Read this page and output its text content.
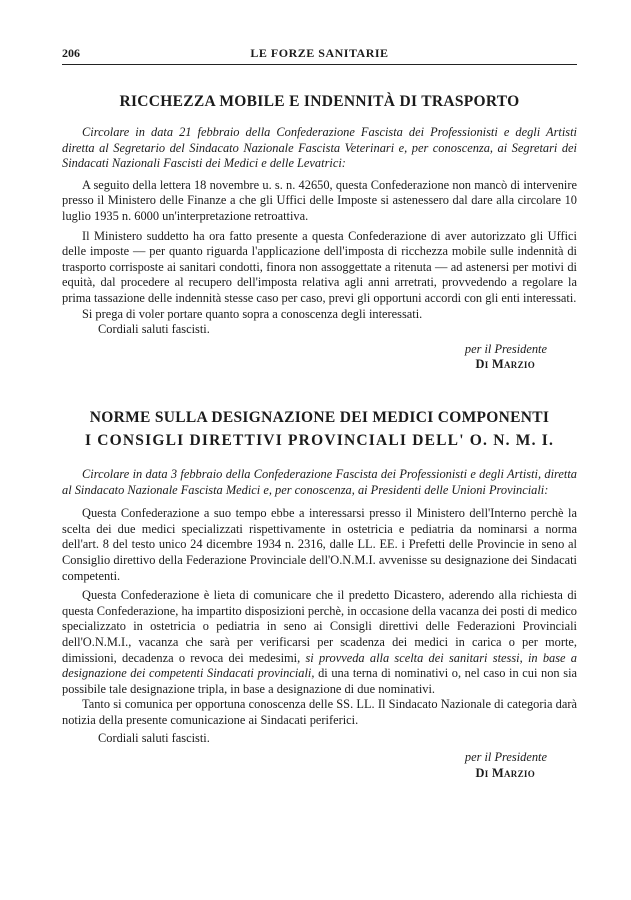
206	LE FORZE SANITARIE
RICCHEZZA MOBILE E INDENNITÀ DI TRASPORTO

Circolare in data 21 febbraio della Confederazione Fascista dei Professionisti e degli Artisti diretta al Segretario del Sindacato Nazionale Fascista Veterinari e, per conoscenza, ai Segretari dei Sindacati Nazionali Fascisti dei Medici e delle Levatrici:

A seguito della lettera 18 novembre u. s. n. 42650, questa Confederazione non mancò di intervenire presso il Ministero delle Finanze a che gli Uffici delle Imposte si astenessero dal dare alla circolare 10 luglio 1935 n. 6000 un'interpretazione retroattiva.

Il Ministero suddetto ha ora fatto presente a questa Confederazione di aver autorizzato gli Uffici delle imposte — per quanto riguarda l'applicazione dell'imposta di ricchezza mobile sulle indennità di trasporto corrisposte ai sanitari condotti, finora non assoggettate a ritenuta — ad astenersi per motivi di equità, dal procedere al recupero dell'imposta relativa agli anni arretrati, provvedendo a regolare la prima tassazione delle indennità stesse caso per caso, previ gli opportuni accordi con gli enti interessati.

Si prega di voler portare quanto sopra a conoscenza degli interessati.

Cordiali saluti fascisti.

per il Presidente
Di Marzio
NORME SULLA DESIGNAZIONE DEI MEDICI COMPONENTI
I CONSIGLI DIRETTIVI PROVINCIALI DELL' O. N. M. I.

Circolare in data 3 febbraio della Confederazione Fascista dei Professionisti e degli Artisti, diretta al Sindacato Nazionale Fascista Medici e, per conoscenza, ai Presidenti delle Unioni Provinciali:

Questa Confederazione a suo tempo ebbe a interessarsi presso il Ministero dell'Interno perchè la scelta dei due medici specializzati rispettivamente in ostetricia e pediatria da nominarsi a norma dell'art. 8 del testo unico 24 dicembre 1934 n. 2316, dalle LL. EE. i Prefetti delle Provincie in seno al Consiglio direttivo della Federazione Provinciale dell'O.N.M.I. avvenisse su designazione dei Sindacati competenti.

Questa Confederazione è lieta di comunicare che il predetto Dicastero, aderendo alla richiesta di questa Confederazione, ha impartito disposizioni perchè, in occasione della vacanza dei posti di medico specializzato in ostetricia o pediatria in seno ai Consigli direttivi delle Federazioni Provinciali dell'O.N.M.I., vacanza che sarà per verificarsi per scadenza dei medici in carica o per morte, dimissioni, decadenza o revoca dei medesimi, si provveda alla scelta dei sanitari stessi, in base a designazione dei competenti Sindacati provinciali, di una terna di nominativi o, nel caso in cui non sia possibile tale designazione tripla, in base a designazione di due nominativi.

Tanto si comunica per opportuna conoscenza delle SS. LL. Il Sindacato Nazionale di categoria darà notizia della presente comunicazione ai Sindacati periferici.

Cordiali saluti fascisti.

per il Presidente
Di Marzio
